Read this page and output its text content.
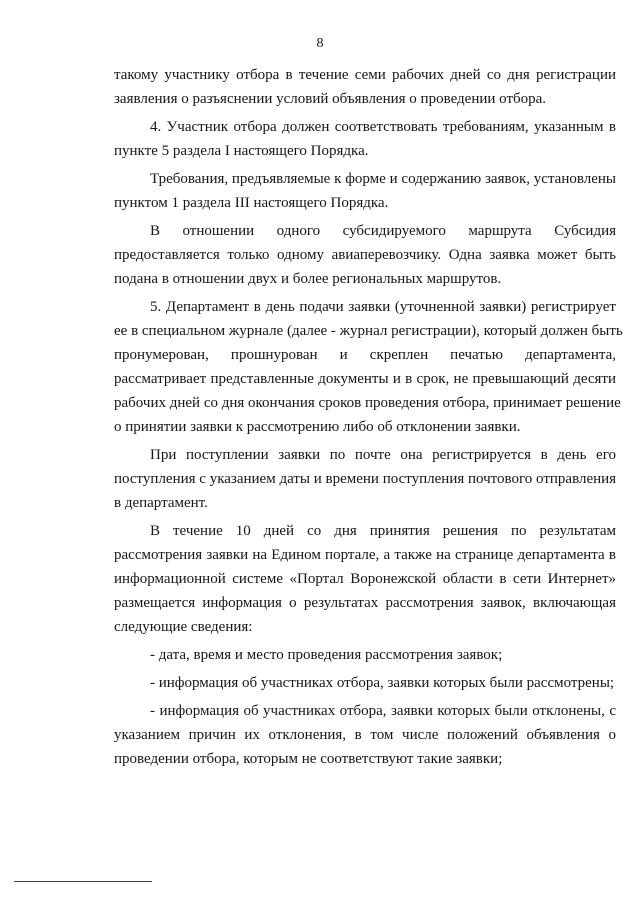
8
такому участнику отбора в течение семи рабочих дней со дня регистрации
заявления о разъяснении условий объявления о проведении отбора.
4. Участник отбора должен соответствовать требованиям, указанным в
пункте 5 раздела I настоящего Порядка.
Требования, предъявляемые к форме и содержанию заявок, установлены
пунктом 1 раздела III настоящего Порядка.
В отношении одного субсидируемого маршрута Субсидия
предоставляется только одному авиаперевозчику. Одна заявка может быть
подана в отношении двух и более региональных маршрутов.
5. Департамент в день подачи заявки (уточненной заявки) регистрирует
ее в специальном журнале (далее - журнал регистрации), который должен быть
пронумерован, прошнурован и скреплен печатью департамента,
рассматривает представленные документы и в срок, не превышающий десяти
рабочих дней со дня окончания сроков проведения отбора, принимает решение
о принятии заявки к рассмотрению либо об отклонении заявки.
При поступлении заявки по почте она регистрируется в день его
поступления с указанием даты и времени поступления почтового отправления
в департамент.
В течение 10 дней со дня принятия решения по результатам
рассмотрения заявки на Едином портале, а также на странице департамента в
информационной системе «Портал Воронежской области в сети Интернет»
размещается информация о результатах рассмотрения заявок, включающая
следующие сведения:
- дата, время и место проведения рассмотрения заявок;
- информация об участниках отбора, заявки которых были рассмотрены;
- информация об участниках отбора, заявки которых были отклонены, с
указанием причин их отклонения, в том числе положений объявления о
проведении отбора, которым не соответствуют такие заявки;
